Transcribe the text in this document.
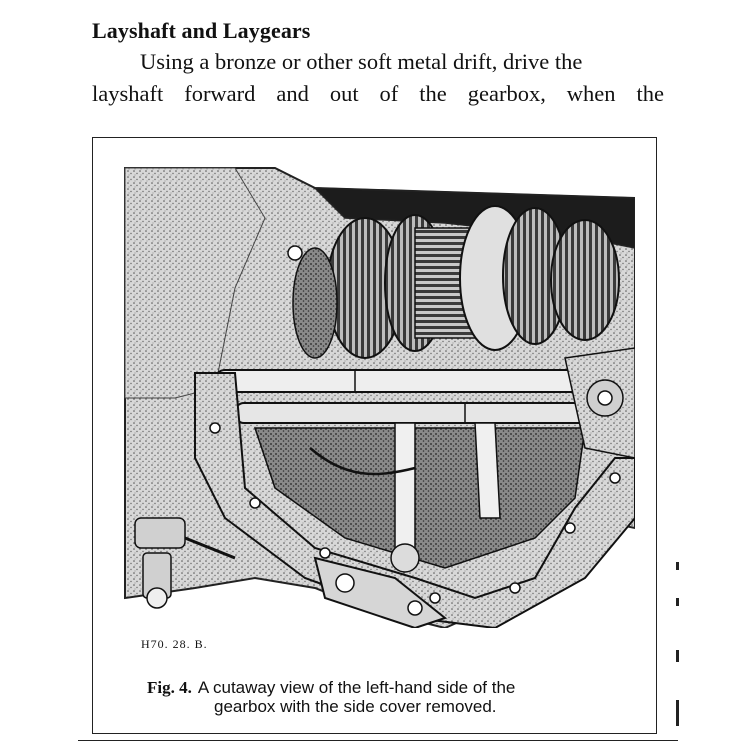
Layshaft and Laygears
Using a bronze or other soft metal drift, drive the
layshaft forward and out of the gearbox, when the
H70. 28. B.
Fig. 4. A cutaway view of the left-hand side of the
gearbox with the side cover removed.
